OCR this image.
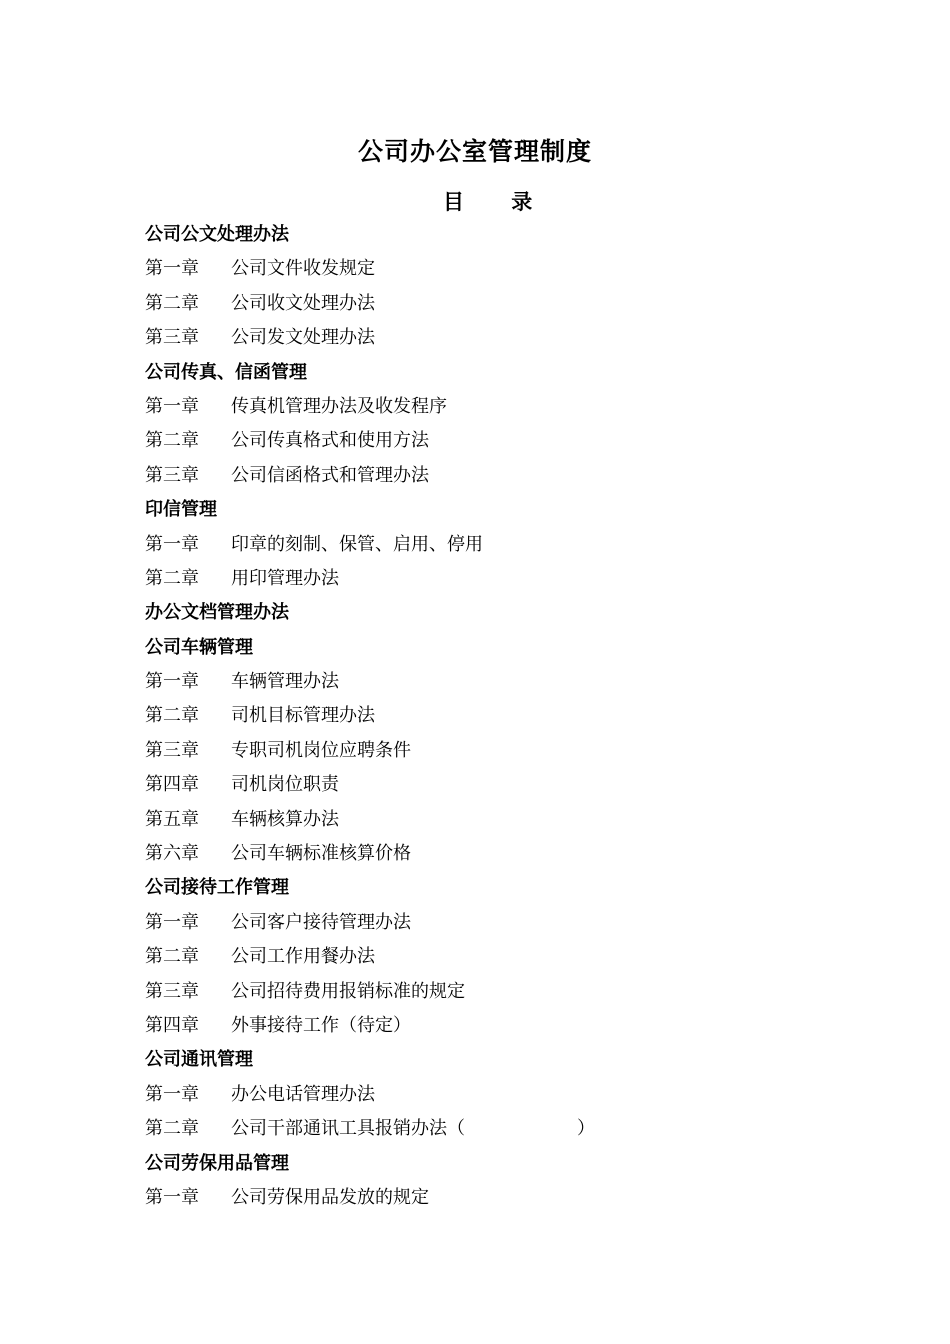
公司办公室管理制度
目 录
公司公文处理办法
第一章 公司文件收发规定
第二章 公司收文处理办法
第三章 公司发文处理办法
公司传真、信函管理
第一章 传真机管理办法及收发程序
第二章 公司传真格式和使用方法
第三章 公司信函格式和管理办法
印信管理
第一章 印章的刻制、保管、启用、停用
第二章 用印管理办法
办公文档管理办法
公司车辆管理
第一章 车辆管理办法
第二章 司机目标管理办法
第三章 专职司机岗位应聘条件
第四章 司机岗位职责
第五章 车辆核算办法
第六章 公司车辆标准核算价格
公司接待工作管理
第一章 公司客户接待管理办法
第二章 公司工作用餐办法
第三章 公司招待费用报销标准的规定
第四章 外事接待工作（待定）
公司通讯管理
第一章 办公电话管理办法
第二章 公司干部通讯工具报销办法（	）
公司劳保用品管理
第一章 公司劳保用品发放的规定
